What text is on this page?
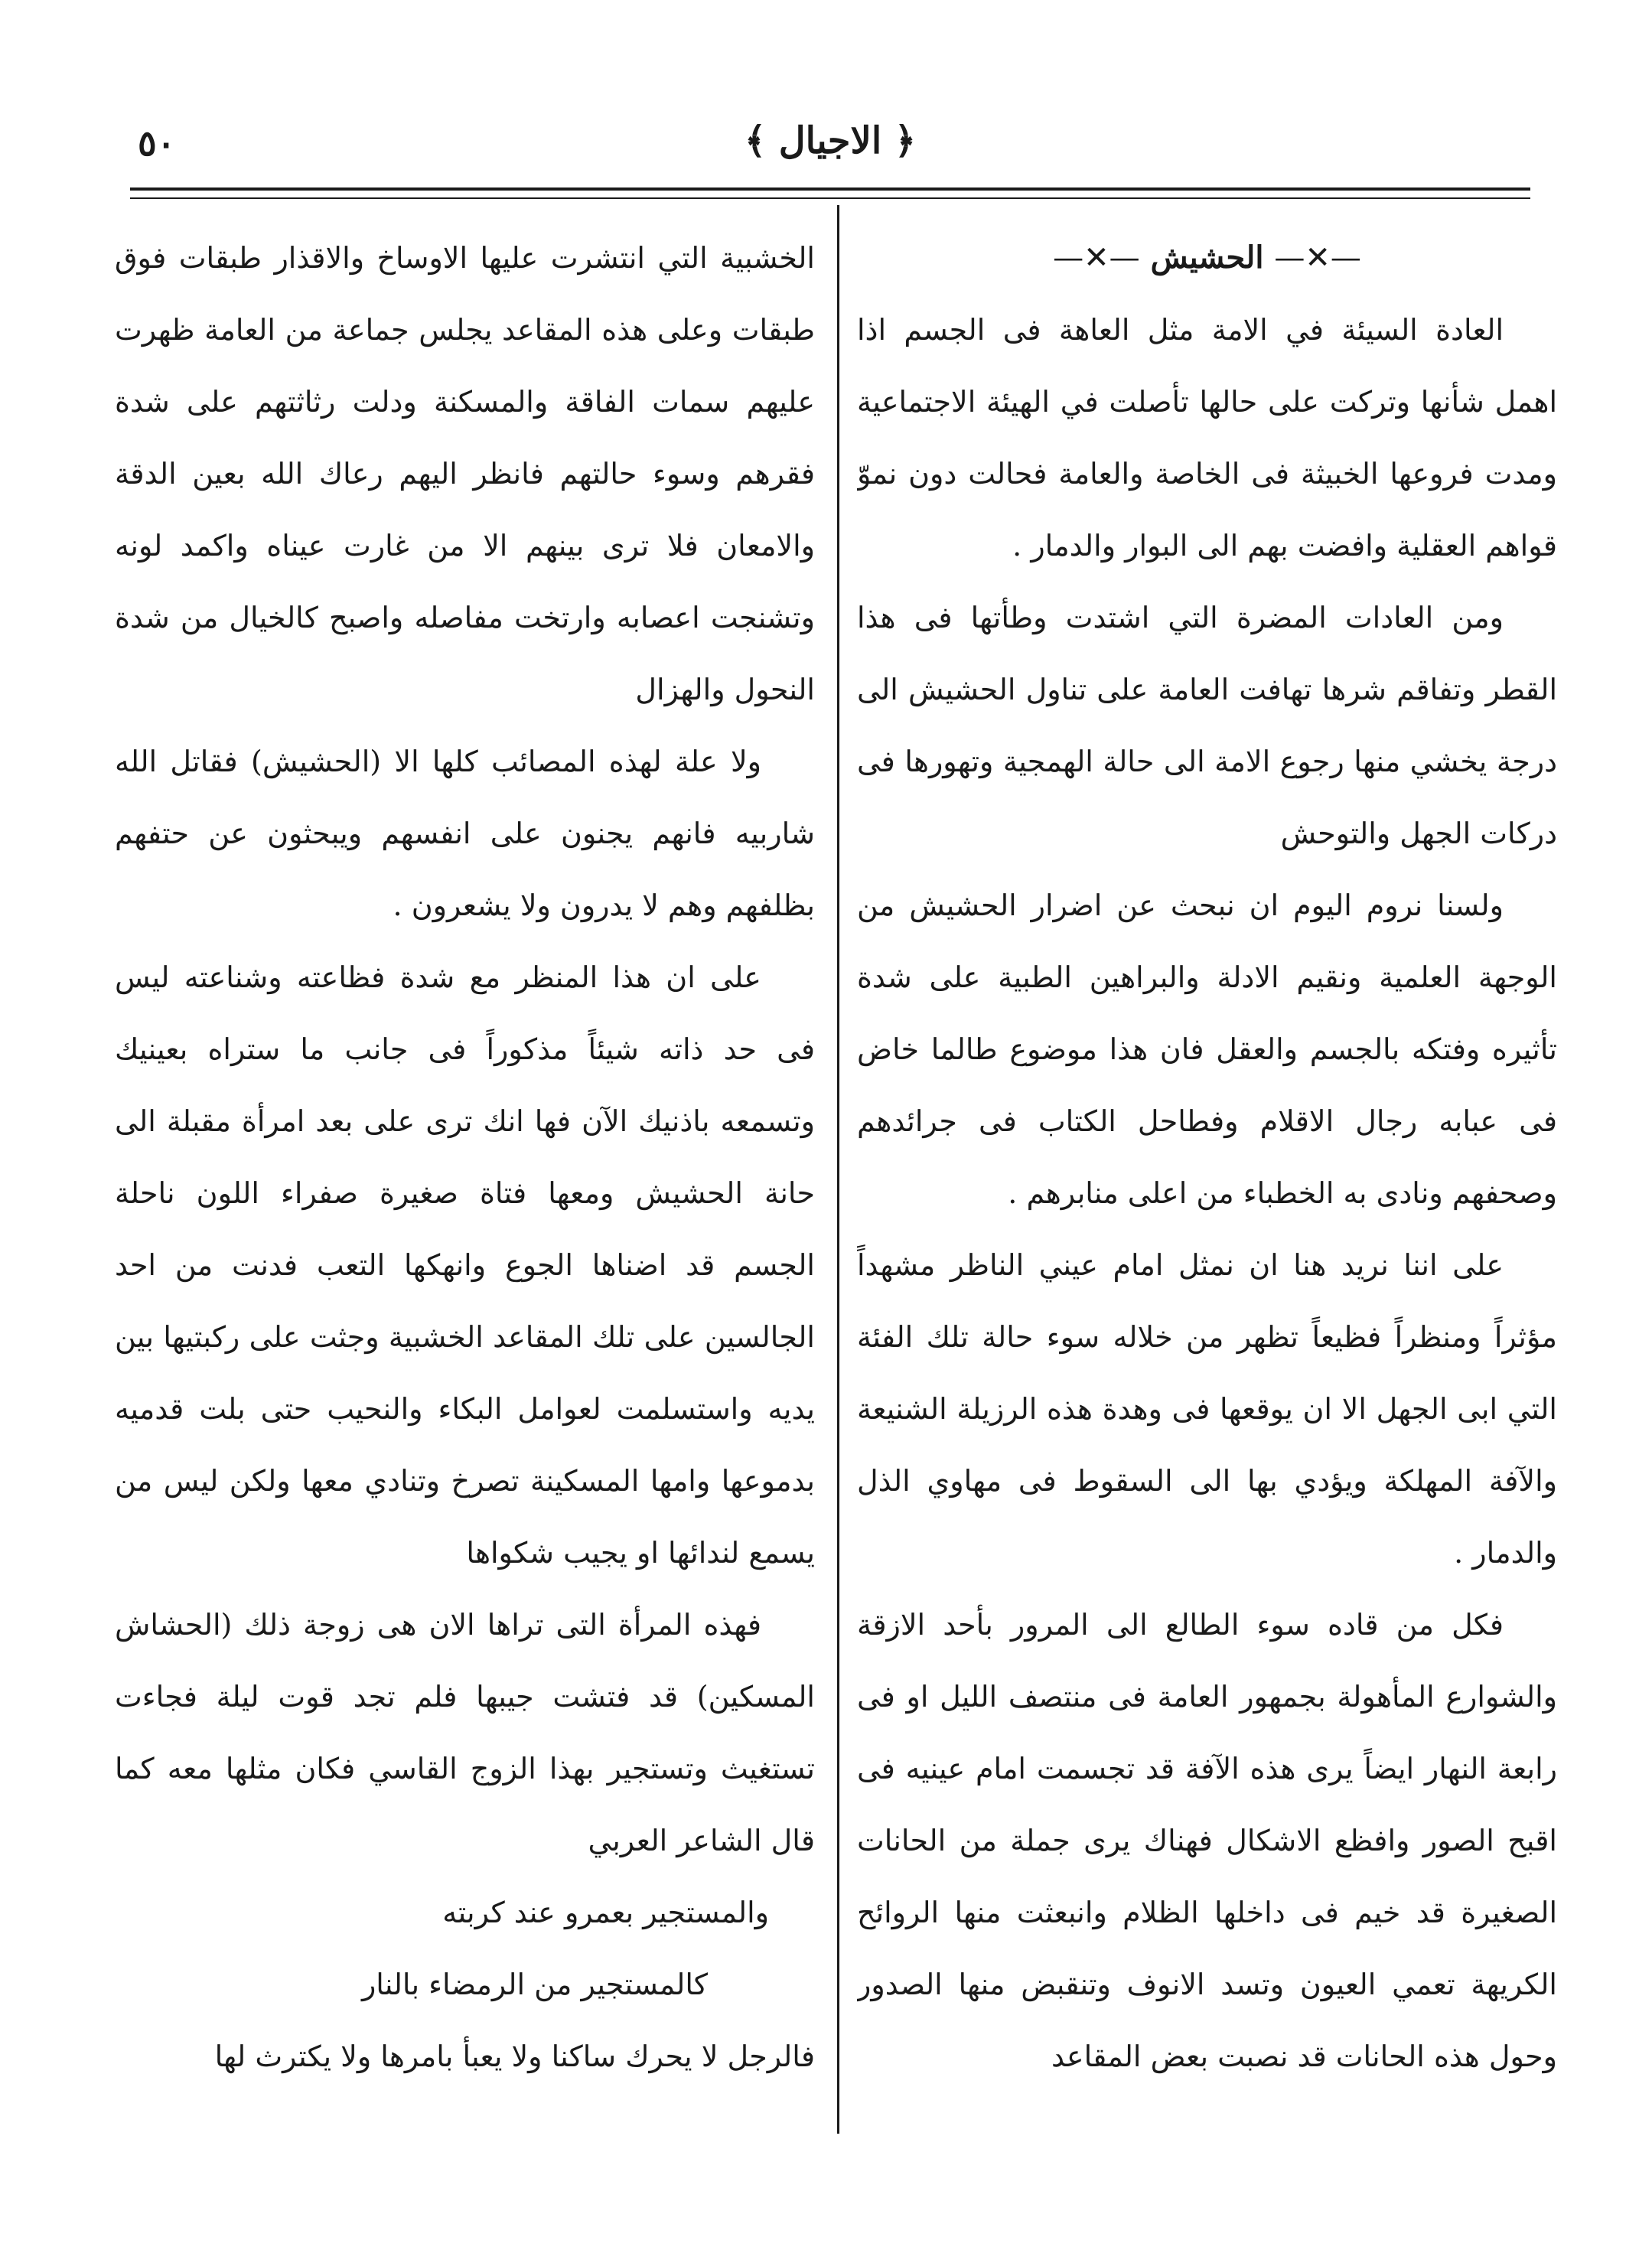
٥٠	﴿ الاجيال ﴾

—✕— الحشيش —✕—

العادة السيئة في الامة مثل العاهة فى الجسم اذا اهمل شأنها وتركت على حالها تأصلت في الهيئة الاجتماعية ومدت فروعها الخبيثة فى الخاصة والعامة فحالت دون نموّ قواهم العقلية وافضت بهم الى البوار والدمار .

ومن العادات المضرة التي اشتدت وطأتها فى هذا القطر وتفاقم شرها تهافت العامة على تناول الحشيش الى درجة يخشي منها رجوع الامة الى حالة الهمجية وتهورها فى دركات الجهل والتوحش

ولسنا نروم اليوم ان نبحث عن اضرار الحشيش من الوجهة العلمية ونقيم الادلة والبراهين الطبية على شدة تأثيره وفتكه بالجسم والعقل فان هذا موضوع طالما خاض فى عبابه رجال الاقلام وفطاحل الكتاب فى جرائدهم وصحفهم ونادى به الخطباء من اعلى منابرهم .

على اننا نريد هنا ان نمثل امام عيني الناظر مشهداً مؤثراً ومنظراً فظيعاً تظهر من خلاله سوء حالة تلك الفئة التي ابى الجهل الا ان يوقعها فى وهدة هذه الرزيلة الشنيعة والآفة المهلكة ويؤدي بها الى السقوط فى مهاوي الذل والدمار .

فكل من قاده سوء الطالع الى المرور بأحد الازقة والشوارع المأهولة بجمهور العامة فى منتصف الليل او فى رابعة النهار ايضاً يرى هذه الآفة قد تجسمت امام عينيه فى اقبح الصور وافظع الاشكال فهناك يرى جملة من الحانات الصغيرة قد خيم فى داخلها الظلام وانبعثت منها الروائح الكريهة تعمي العيون وتسد الانوف وتنقبض منها الصدور وحول هذه الحانات قد نصبت بعض المقاعد

الخشبية التي انتشرت عليها الاوساخ والاقذار طبقات فوق طبقات وعلى هذه المقاعد يجلس جماعة من العامة ظهرت عليهم سمات الفاقة والمسكنة ودلت رثاثتهم على شدة فقرهم وسوء حالتهم فانظر اليهم رعاك الله بعين الدقة والامعان فلا ترى بينهم الا من غارت عيناه واكمد لونه وتشنجت اعصابه وارتخت مفاصله واصبح كالخيال من شدة النحول والهزال

ولا علة لهذه المصائب كلها الا (الحشيش) فقاتل الله شاربيه فانهم يجنون على انفسهم ويبحثون عن حتفهم بظلفهم وهم لا يدرون ولا يشعرون .

على ان هذا المنظر مع شدة فظاعته وشناعته ليس فى حد ذاته شيئاً مذكوراً فى جانب ما ستراه بعينيك وتسمعه باذنيك الآن فها انك ترى على بعد امرأة مقبلة الى حانة الحشيش ومعها فتاة صغيرة صفراء اللون ناحلة الجسم قد اضناها الجوع وانهكها التعب فدنت من احد الجالسين على تلك المقاعد الخشبية وجثت على ركبتيها بين يديه واستسلمت لعوامل البكاء والنحيب حتى بلت قدميه بدموعها وامها المسكينة تصرخ وتنادي معها ولكن ليس من يسمع لندائها او يجيب شكواها

فهذه المرأة التى تراها الان هى زوجة ذلك (الحشاش المسكين) قد فتشت جيبها فلم تجد قوت ليلة فجاءت تستغيث وتستجير بهذا الزوج القاسي فكان مثلها معه كما قال الشاعر العربي

والمستجير بعمرو عند كربته

كالمستجير من الرمضاء بالنار

فالرجل لا يحرك ساكنا ولا يعبأ بامرها ولا يكترث لها
